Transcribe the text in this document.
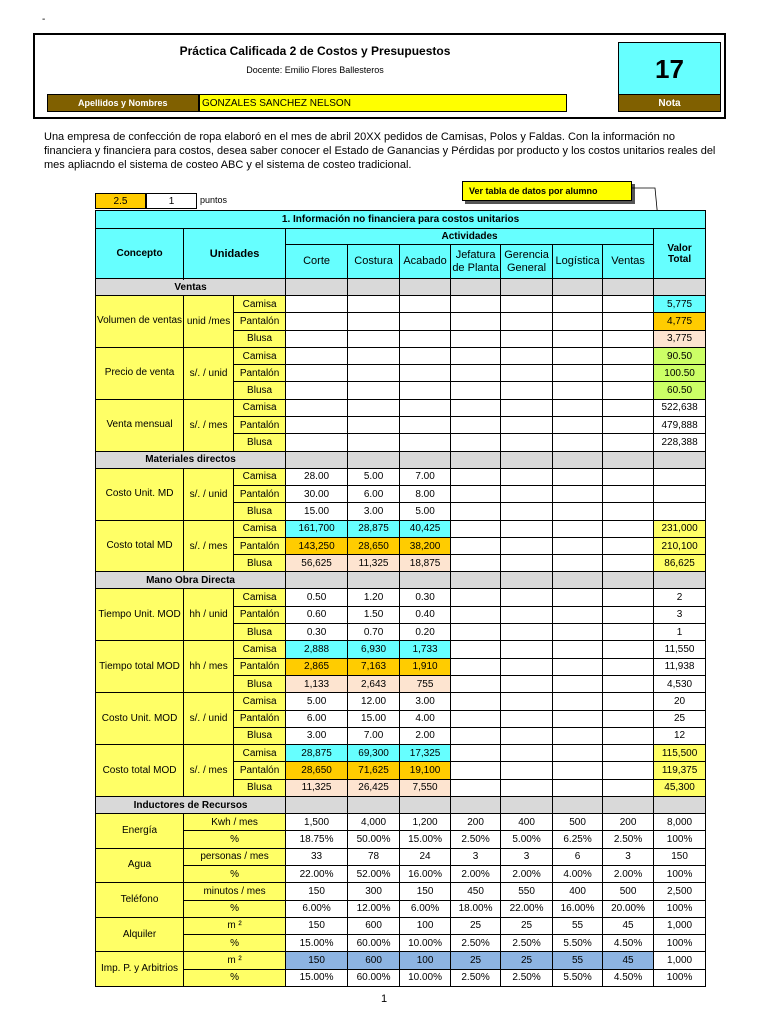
-
Práctica Calificada 2 de Costos y Presupuestos
Docente: Emilio Flores Ballesteros
Apellidos y Nombres	GONZALES SANCHEZ NELSON
17
Nota
Una empresa de confección de ropa elaboró en el mes de abril 20XX pedidos de Camisas, Polos y Faldas. Con la información no financiera y financiera para costos, desea saber conocer el Estado de Ganancias y Pérdidas por producto y los costos unitarios reales del mes apliacndo el sistema de costeo ABC y el sistema de costeo tradicional.
2.5	1	puntos
Ver tabla de datos por alumno
1. Información no financiera para costos unitarios										
Concepto	Unidades		Actividades							Valor Total
			Corte	Costura	Acabado	Jefatura de Planta	Gerencia General	Logística	Ventas	

Ventas										
Volumen de ventas	unid /mes	Camisa								5,775
		Pantalón								4,775
		Blusa								3,775
Precio de venta	s/. / unid	Camisa								90.50
		Pantalón								100.50
		Blusa								60.50
Venta mensual	s/. / mes	Camisa								522,638
		Pantalón								479,888
		Blusa								228,388
Materiales directos										
Costo Unit. MD	s/. / unid	Camisa	28.00	5.00	7.00					
		Pantalón	30.00	6.00	8.00					
		Blusa	15.00	3.00	5.00					
Costo total MD	s/. / mes	Camisa	161,700	28,875	40,425					231,000
		Pantalón	143,250	28,650	38,200					210,100
		Blusa	56,625	11,325	18,875					86,625
Mano Obra Directa										
Tiempo Unit. MOD	hh / unid	Camisa	0.50	1.20	0.30					2
		Pantalón	0.60	1.50	0.40					3
		Blusa	0.30	0.70	0.20					1
Tiempo total MOD	hh / mes	Camisa	2,888	6,930	1,733					11,550
		Pantalón	2,865	7,163	1,910					11,938
		Blusa	1,133	2,643	755					4,530
Costo Unit. MOD	s/. / unid	Camisa	5.00	12.00	3.00					20
		Pantalón	6.00	15.00	4.00					25
		Blusa	3.00	7.00	2.00					12
Costo total MOD	s/. / mes	Camisa	28,875	69,300	17,325					115,500
		Pantalón	28,650	71,625	19,100					119,375
		Blusa	11,325	26,425	7,550					45,300
Inductores de Recursos										
Energía	Kwh / mes		1,500	4,000	1,200	200	400	500	200	8,000
	%		18.75%	50.00%	15.00%	2.50%	5.00%	6.25%	2.50%	100%
Agua	personas / mes		33	78	24	3	3	6	3	150
	%		22.00%	52.00%	16.00%	2.00%	2.00%	4.00%	2.00%	100%
Teléfono	minutos / mes		150	300	150	450	550	400	500	2,500
	%		6.00%	12.00%	6.00%	18.00%	22.00%	16.00%	20.00%	100%
Alquiler	m ²		150	600	100	25	25	55	45	1,000
	%		15.00%	60.00%	10.00%	2.50%	2.50%	5.50%	4.50%	100%
Imp. P. y Arbitrios	m ²		150	600	100	25	25	55	45	1,000
	%		15.00%	60.00%	10.00%	2.50%	2.50%	5.50%	4.50%	100%
1
